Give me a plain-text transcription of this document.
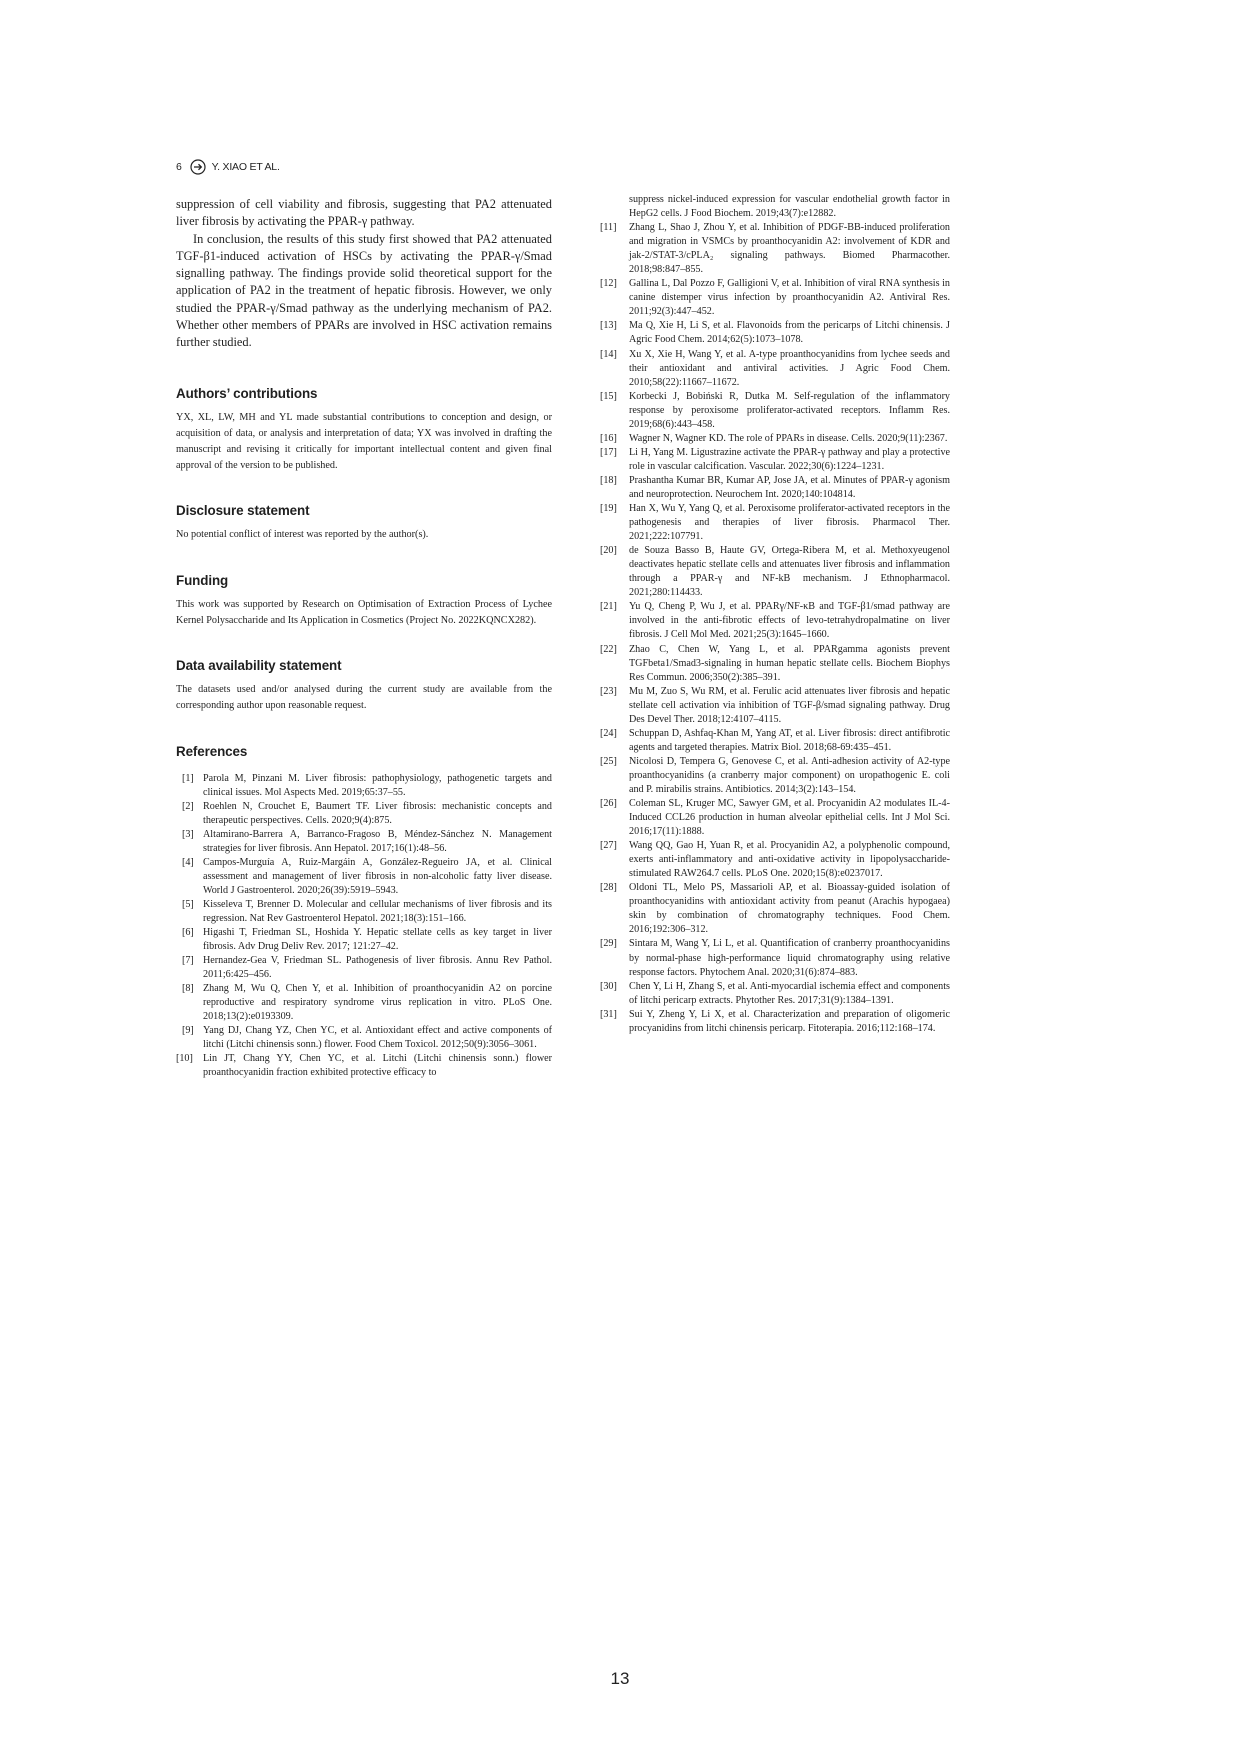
6	Y. XIAO ET AL.

suppression of cell viability and fibrosis, suggesting that PA2 attenuated liver fibrosis by activating the PPAR-γ pathway.

In conclusion, the results of this study first showed that PA2 attenuated TGF-β1-induced activation of HSCs by activating the PPAR-γ/Smad signalling pathway. The findings provide solid theoretical support for the application of PA2 in the treatment of hepatic fibrosis. However, we only studied the PPAR-γ/Smad pathway as the underlying mechanism of PA2. Whether other members of PPARs are involved in HSC activation remains further studied.

Authors’ contributions

YX, XL, LW, MH and YL made substantial contributions to conception and design, or acquisition of data, or analysis and interpretation of data; YX was involved in drafting the manuscript and revising it critically for important intellectual content and given final approval of the version to be published.

Disclosure statement

No potential conflict of interest was reported by the author(s).

Funding

This work was supported by Research on Optimisation of Extraction Process of Lychee Kernel Polysaccharide and Its Application in Cosmetics (Project No. 2022KQNCX282).

Data availability statement

The datasets used and/or analysed during the current study are available from the corresponding author upon reasonable request.

References
[1] Parola M, Pinzani M. Liver fibrosis: pathophysiology, pathogenetic targets and clinical issues. Mol Aspects Med. 2019;65:37–55.
[2] Roehlen N, Crouchet E, Baumert TF. Liver fibrosis: mechanistic concepts and therapeutic perspectives. Cells. 2020;9(4):875.
[3] Altamirano-Barrera A, Barranco-Fragoso B, Méndez-Sánchez N. Management strategies for liver fibrosis. Ann Hepatol. 2017;16(1):48–56.
[4] Campos-Murguía A, Ruiz-Margáin A, González-Regueiro JA, et al. Clinical assessment and management of liver fibrosis in non-alcoholic fatty liver disease. World J Gastroenterol. 2020;26(39):5919–5943.
[5] Kisseleva T, Brenner D. Molecular and cellular mechanisms of liver fibrosis and its regression. Nat Rev Gastroenterol Hepatol. 2021;18(3):151–166.
[6] Higashi T, Friedman SL, Hoshida Y. Hepatic stellate cells as key target in liver fibrosis. Adv Drug Deliv Rev. 2017; 121:27–42.
[7] Hernandez-Gea V, Friedman SL. Pathogenesis of liver fibrosis. Annu Rev Pathol. 2011;6:425–456.
[8] Zhang M, Wu Q, Chen Y, et al. Inhibition of proanthocyanidin A2 on porcine reproductive and respiratory syndrome virus replication in vitro. PLoS One. 2018;13(2):e0193309.
[9] Yang DJ, Chang YZ, Chen YC, et al. Antioxidant effect and active components of litchi (Litchi chinensis sonn.) flower. Food Chem Toxicol. 2012;50(9):3056–3061.
[10] Lin JT, Chang YY, Chen YC, et al. Litchi (Litchi chinensis sonn.) flower proanthocyanidin fraction exhibited protective efficacy to
suppress nickel-induced expression for vascular endothelial growth factor in HepG2 cells. J Food Biochem. 2019;43(7):e12882.
[11] Zhang L, Shao J, Zhou Y, et al. Inhibition of PDGF-BB-induced proliferation and migration in VSMCs by proanthocyanidin A2: involvement of KDR and jak-2/STAT-3/cPLA₂ signaling pathways. Biomed Pharmacother. 2018;98:847–855.
[12] Gallina L, Dal Pozzo F, Galligioni V, et al. Inhibition of viral RNA synthesis in canine distemper virus infection by proanthocyanidin A2. Antiviral Res. 2011;92(3):447–452.
[13] Ma Q, Xie H, Li S, et al. Flavonoids from the pericarps of Litchi chinensis. J Agric Food Chem. 2014;62(5):1073–1078.
[14] Xu X, Xie H, Wang Y, et al. A-type proanthocyanidins from lychee seeds and their antioxidant and antiviral activities. J Agric Food Chem. 2010;58(22):11667–11672.
[15] Korbecki J, Bobiński R, Dutka M. Self-regulation of the inflammatory response by peroxisome proliferator-activated receptors. Inflamm Res. 2019;68(6):443–458.
[16] Wagner N, Wagner KD. The role of PPARs in disease. Cells. 2020;9(11):2367.
[17] Li H, Yang M. Ligustrazine activate the PPAR-γ pathway and play a protective role in vascular calcification. Vascular. 2022;30(6):1224–1231.
[18] Prashantha Kumar BR, Kumar AP, Jose JA, et al. Minutes of PPAR-γ agonism and neuroprotection. Neurochem Int. 2020;140:104814.
[19] Han X, Wu Y, Yang Q, et al. Peroxisome proliferator-activated receptors in the pathogenesis and therapies of liver fibrosis. Pharmacol Ther. 2021;222:107791.
[20] de Souza Basso B, Haute GV, Ortega-Ribera M, et al. Methoxyeugenol deactivates hepatic stellate cells and attenuates liver fibrosis and inflammation through a PPAR-γ and NF-kB mechanism. J Ethnopharmacol. 2021;280:114433.
[21] Yu Q, Cheng P, Wu J, et al. PPARγ/NF-κB and TGF-β1/smad pathway are involved in the anti-fibrotic effects of levo-tetrahydropalmatine on liver fibrosis. J Cell Mol Med. 2021;25(3):1645–1660.
[22] Zhao C, Chen W, Yang L, et al. PPARgamma agonists prevent TGFbeta1/Smad3-signaling in human hepatic stellate cells. Biochem Biophys Res Commun. 2006;350(2):385–391.
[23] Mu M, Zuo S, Wu RM, et al. Ferulic acid attenuates liver fibrosis and hepatic stellate cell activation via inhibition of TGF-β/smad signaling pathway. Drug Des Devel Ther. 2018;12:4107–4115.
[24] Schuppan D, Ashfaq-Khan M, Yang AT, et al. Liver fibrosis: direct antifibrotic agents and targeted therapies. Matrix Biol. 2018;68-69:435–451.
[25] Nicolosi D, Tempera G, Genovese C, et al. Anti-adhesion activity of A2-type proanthocyanidins (a cranberry major component) on uropathogenic E. coli and P. mirabilis strains. Antibiotics. 2014;3(2):143–154.
[26] Coleman SL, Kruger MC, Sawyer GM, et al. Procyanidin A2 modulates IL-4-Induced CCL26 production in human alveolar epithelial cells. Int J Mol Sci. 2016;17(11):1888.
[27] Wang QQ, Gao H, Yuan R, et al. Procyanidin A2, a polyphenolic compound, exerts anti-inflammatory and anti-oxidative activity in lipopolysaccharide-stimulated RAW264.7 cells. PLoS One. 2020;15(8):e0237017.
[28] Oldoni TL, Melo PS, Massarioli AP, et al. Bioassay-guided isolation of proanthocyanidins with antioxidant activity from peanut (Arachis hypogaea) skin by combination of chromatography techniques. Food Chem. 2016;192:306–312.
[29] Sintara M, Wang Y, Li L, et al. Quantification of cranberry proanthocyanidins by normal-phase high-performance liquid chromatography using relative response factors. Phytochem Anal. 2020;31(6):874–883.
[30] Chen Y, Li H, Zhang S, et al. Anti-myocardial ischemia effect and components of litchi pericarp extracts. Phytother Res. 2017;31(9):1384–1391.
[31] Sui Y, Zheng Y, Li X, et al. Characterization and preparation of oligomeric procyanidins from litchi chinensis pericarp. Fitoterapia. 2016;112:168–174.
13
